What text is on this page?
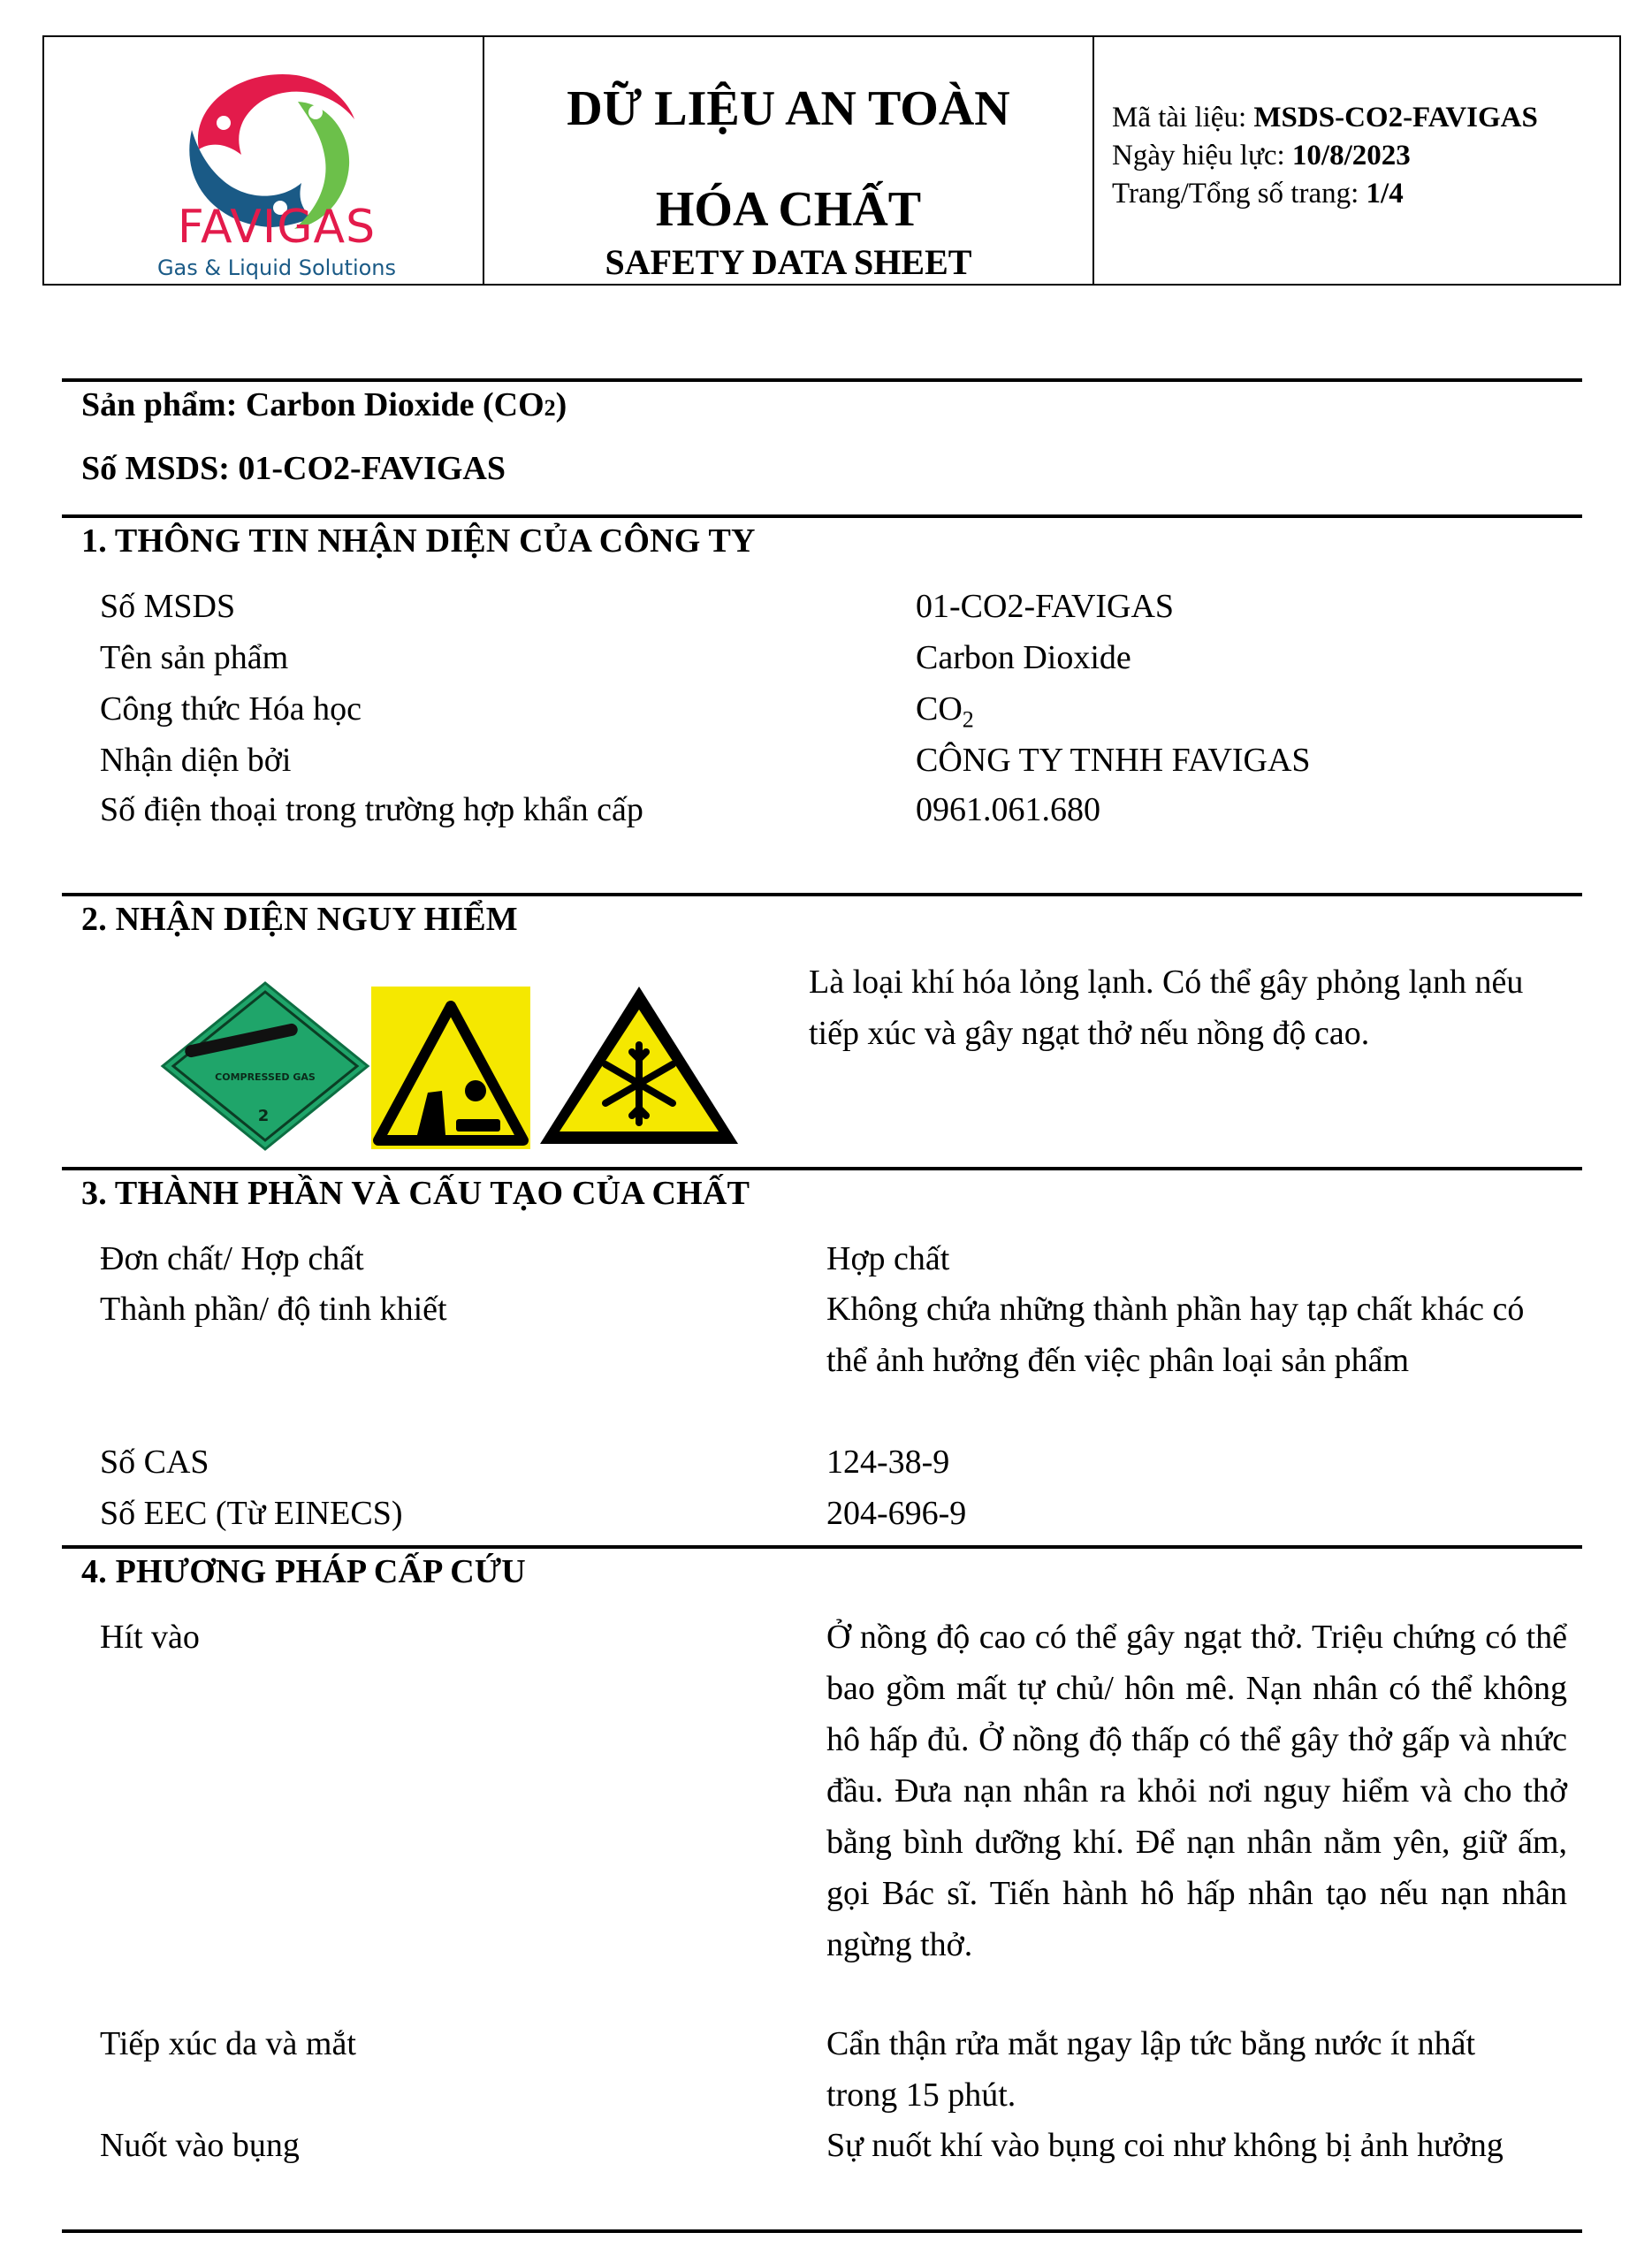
FAVIGAS
Gas & Liquid Solutions
DỮ LIỆU AN TOÀN
HÓA CHẤT
SAFETY DATA SHEET
Mã tài liệu: MSDS-CO2-FAVIGAS
Ngày hiệu lực: 10/8/2023
Trang/Tổng số trang: 1/4
Sản phẩm: Carbon Dioxide (CO2)
Số MSDS: 01-CO2-FAVIGAS
1. THÔNG TIN NHẬN DIỆN CỦA CÔNG TY
Số MSDS	01-CO2-FAVIGAS
Tên sản phẩm	Carbon Dioxide
Công thức Hóa học	$CO_2$
Nhận diện bởi	CÔNG TY TNHH FAVIGAS
Số điện thoại trong trường hợp khẩn cấp	0961.061.680
2. NHẬN DIỆN NGUY HIỂM
COMPRESSED GAS
2
Là loại khí hóa lỏng lạnh. Có thể gây phỏng lạnh nếu tiếp xúc và gây ngạt thở nếu nồng độ cao.
3. THÀNH PHẦN VÀ CẤU TẠO CỦA CHẤT
Đơn chất/ Hợp chất	Hợp chất
Thành phần/ độ tinh khiết	Không chứa những thành phần hay tạp chất khác có thể ảnh hưởng đến việc phân loại sản phẩm
Số CAS	124-38-9
Số EEC (Từ EINECS)	204-696-9
4. PHƯƠNG PHÁP CẤP CỨU
Hít vào	Ở nồng độ cao có thể gây ngạt thở. Triệu chứng có thể bao gồm mất tự chủ/ hôn mê. Nạn nhân có thể không hô hấp đủ. Ở nồng độ thấp có thể gây thở gấp và nhức đầu. Đưa nạn nhân ra khỏi nơi nguy hiểm và cho thở bằng bình dưỡng khí. Để nạn nhân nằm yên, giữ ấm, gọi Bác sĩ. Tiến hành hô hấp nhân tạo nếu nạn nhân ngừng thở.
Tiếp xúc da và mắt	Cẩn thận rửa mắt ngay lập tức bằng nước ít nhất trong 15 phút.
Nuốt vào bụng	Sự nuốt khí vào bụng coi như không bị ảnh hưởng
